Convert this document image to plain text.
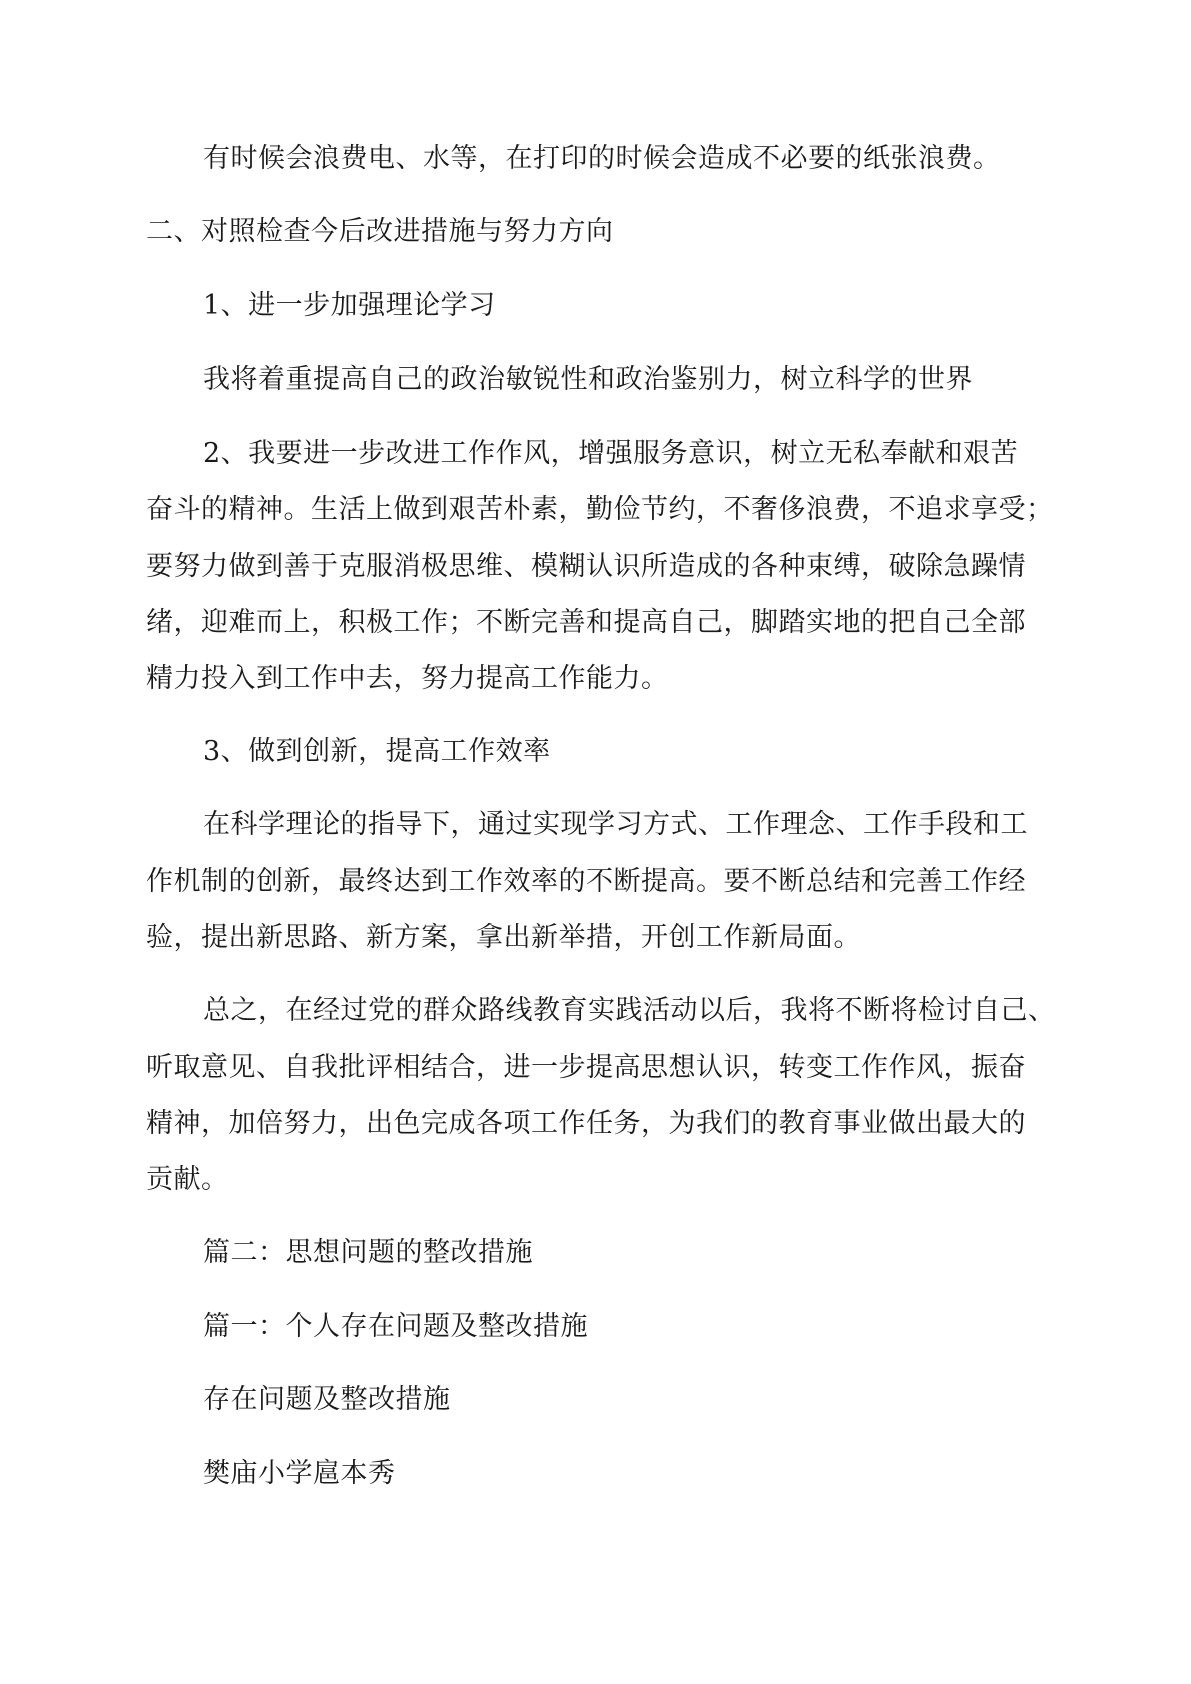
有时候会浪费电、水等，在打印的时候会造成不必要的纸张浪费。

二、对照检查今后改进措施与努力方向

1、进一步加强理论学习

我将着重提高自己的政治敏锐性和政治鉴别力，树立科学的世界

2、我要进一步改进工作作风，增强服务意识，树立无私奉献和艰苦

奋斗的精神。生活上做到艰苦朴素，勤俭节约，不奢侈浪费，不追求享受；

要努力做到善于克服消极思维、模糊认识所造成的各种束缚，破除急躁情

绪，迎难而上，积极工作；不断完善和提高自己，脚踏实地的把自己全部

精力投入到工作中去，努力提高工作能力。

3、做到创新，提高工作效率

在科学理论的指导下，通过实现学习方式、工作理念、工作手段和工

作机制的创新，最终达到工作效率的不断提高。要不断总结和完善工作经

验，提出新思路、新方案，拿出新举措，开创工作新局面。

总之，在经过党的群众路线教育实践活动以后，我将不断将检讨自己、

听取意见、自我批评相结合，进一步提高思想认识，转变工作作风，振奋

精神，加倍努力，出色完成各项工作任务，为我们的教育事业做出最大的

贡献。

篇二：思想问题的整改措施

篇一：个人存在问题及整改措施

存在问题及整改措施

樊庙小学扈本秀
